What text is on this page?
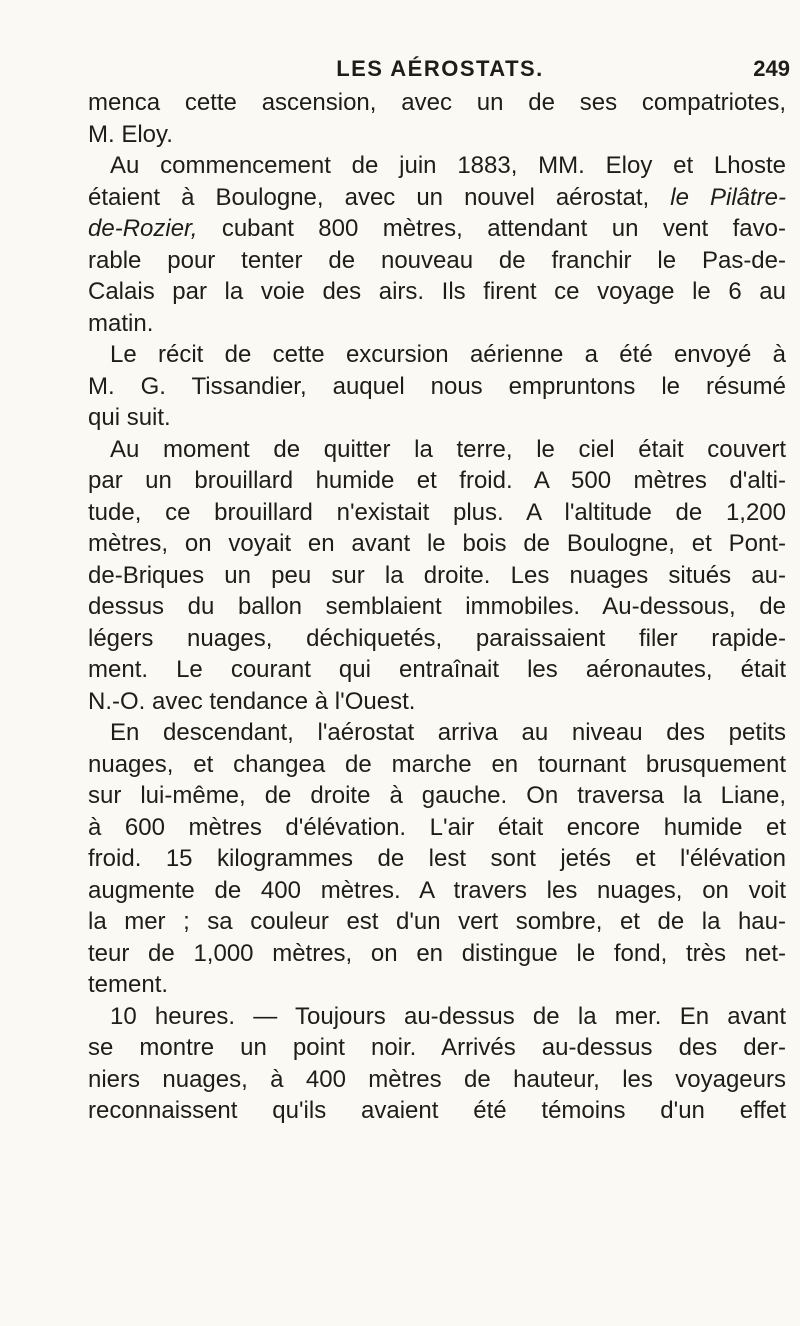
LES AÉROSTATS.	249
menca cette ascension, avec un de ses compatriotes,
M. Eloy.
Au commencement de juin 1883, MM. Eloy et Lhoste
étaient à Boulogne, avec un nouvel aérostat, le Pilâtre-
de-Rozier, cubant 800 mètres, attendant un vent favo-
rable pour tenter de nouveau de franchir le Pas-de-
Calais par la voie des airs. Ils firent ce voyage le 6 au
matin.
Le récit de cette excursion aérienne a été envoyé à
M. G. Tissandier, auquel nous empruntons le résumé
qui suit.
Au moment de quitter la terre, le ciel était couvert
par un brouillard humide et froid. A 500 mètres d'alti-
tude, ce brouillard n'existait plus. A l'altitude de 1,200
mètres, on voyait en avant le bois de Boulogne, et Pont-
de-Briques un peu sur la droite. Les nuages situés au-
dessus du ballon semblaient immobiles. Au-dessous, de
légers nuages, déchiquetés, paraissaient filer rapide-
ment. Le courant qui entraînait les aéronautes, était
N.-O. avec tendance à l'Ouest.
En descendant, l'aérostat arriva au niveau des petits
nuages, et changea de marche en tournant brusquement
sur lui-même, de droite à gauche. On traversa la Liane,
à 600 mètres d'élévation. L'air était encore humide et
froid. 15 kilogrammes de lest sont jetés et l'élévation
augmente de 400 mètres. A travers les nuages, on voit
la mer ; sa couleur est d'un vert sombre, et de la hau-
teur de 1,000 mètres, on en distingue le fond, très net-
tement.
10 heures. — Toujours au-dessus de la mer. En avant
se montre un point noir. Arrivés au-dessus des der-
niers nuages, à 400 mètres de hauteur, les voyageurs
reconnaissent qu'ils avaient été témoins d'un effet
